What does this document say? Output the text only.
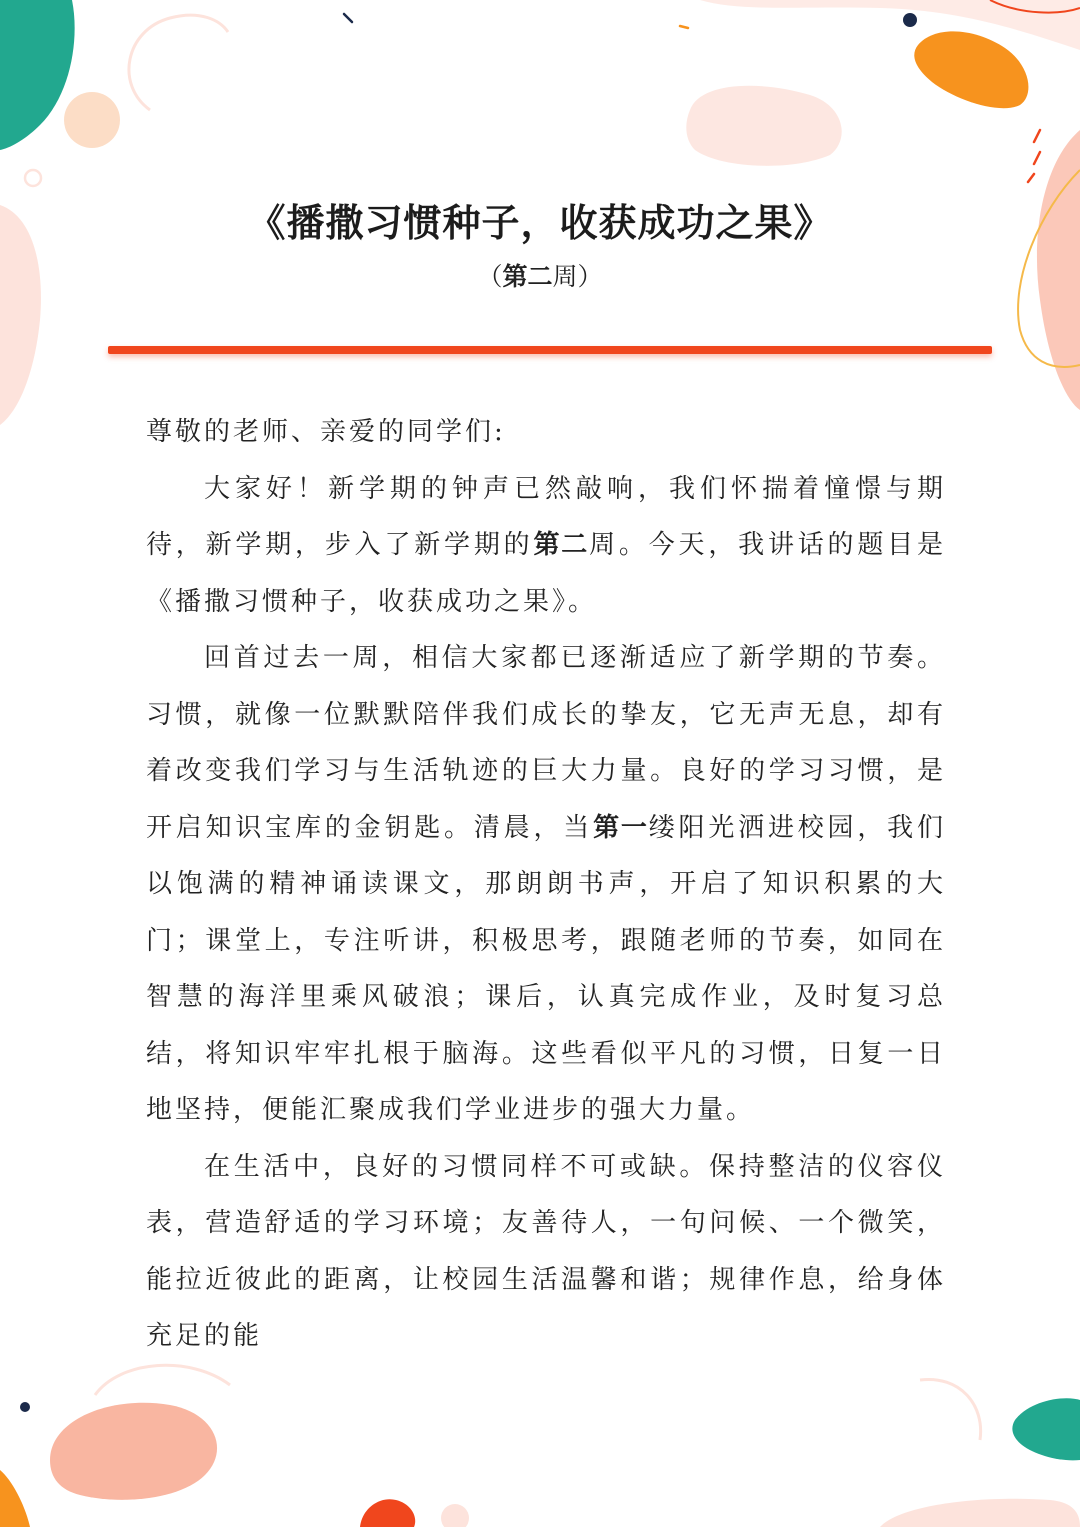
《播撒习惯种子，收获成功之果》
（第二周）

尊敬的老师、亲爱的同学们:

大家好！新学期的钟声已然敲响，我们怀揣着憧憬与期待，新学期，步入了新学期的第二周。今天，我讲话的题目是《播撒习惯种子，收获成功之果》。

回首过去一周，相信大家都已逐渐适应了新学期的节奏。习惯，就像一位默默陪伴我们成长的挚友，它无声无息，却有着改变我们学习与生活轨迹的巨大力量。良好的学习习惯，是开启知识宝库的金钥匙。清晨，当第一缕阳光洒进校园，我们以饱满的精神诵读课文，那朗朗书声，开启了知识积累的大门；课堂上，专注听讲，积极思考，跟随老师的节奏，如同在智慧的海洋里乘风破浪；课后，认真完成作业，及时复习总结，将知识牢牢扎根于脑海。这些看似平凡的习惯，日复一日地坚持，便能汇聚成我们学业进步的强大力量。

在生活中，良好的习惯同样不可或缺。保持整洁的仪容仪表，营造舒适的学习环境；友善待人，一句问候、一个微笑，能拉近彼此的距离，让校园生活温馨和谐；规律作息，给身体充足的能
